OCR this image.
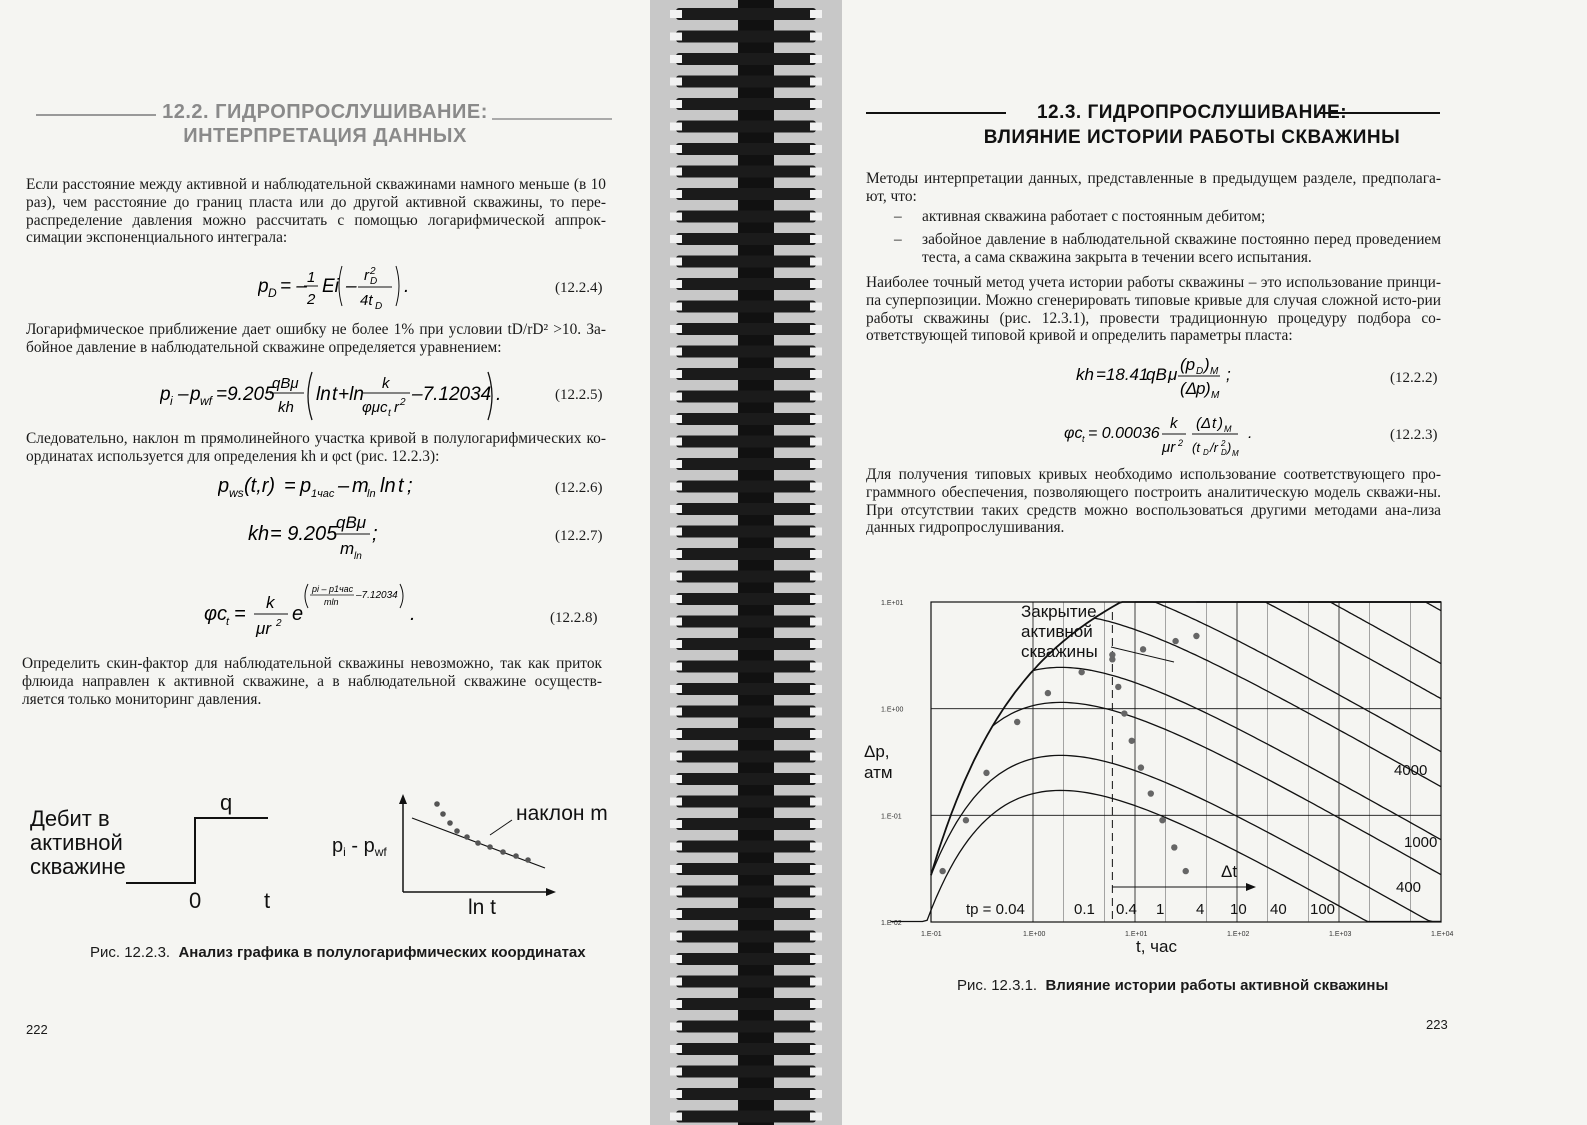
12.2. ГИДРОПРОСЛУШИВАНИЕ:
ИНТЕРПРЕТАЦИЯ ДАННЫХ
Если расстояние между активной и наблюдательной скважинами намного меньше (в 10 раз), чем расстояние до границ пласта или до другой активной скважины, то пере-распределение давления можно рассчитать с помощью логарифмической аппрок-симации экспоненциального интеграла:
p D = – 1
2
Ei –
r 2
D
4t D
.	(12.2.4)
Логарифмическое приближение дает ошибку не более 1% при условии tD/rD² >10. За-бойное давление в наблюдательной скважине определяется уравнением:
p i – p wf =9.205
qBμ
kh
ln t +ln
k
φμc t r 2 –7.12034 .	(12.2.5)
Следовательно, наклон m прямолинейного участка кривой в полулогарифмических ко-ординатах используется для определения kh и φct (рис. 12.2.3):
p ws (t,r) = p 1час – m
ln ln t ;	(12.2.6)
kh = 9.205
qBμ
m ln
;	(12.2.7)
φc
t =
k
μr 2 e
pi – p1час
mln
–7.12034
.	(12.2.8)
Определить скин-фактор для наблюдательной скважины невозможно, так как приток флюида направлен к активной скважине, а в наблюдательной скважине осуществ-ляется только мониторинг давления.
Дебит в
активной
скважине
q
0	t
$p_i - p_{wf}$
наклон m
ln t
Рис. 12.2.3. Анализ графика в полулогарифмических координатах
222
12.3. ГИДРОПРОСЛУШИВАНИЕ:
ВЛИЯНИЕ ИСТОРИИ РАБОТЫ СКВАЖИНЫ
Методы интерпретации данных, представленные в предыдущем разделе, предполага-ют, что:
– активная скважина работает с постоянным дебитом;
– забойное давление в наблюдательной скважине постоянно перед проведением теста, а сама скважина закрыта в течении всего испытания.
Наиболее точный метод учета истории работы скважины – это использование принци-па суперпозиции. Можно сгенерировать типовые кривые для случая сложной исто-рии работы скважины (рис. 12.3.1), провести традиционную процедуру подбора со-ответствующей типовой кривой и определить параметры пласта:
kh =18.41
qB μ
(p D ) M
(Δ
p ) M
;	(12.2.2)
φc t = 0.00036
k
μr 2
(Δ t ) M
(t D /r 2
D ) M
.	(12.2.3)
Для получения типовых кривых необходимо использование соответствующего про-граммного обеспечения, позволяющего построить аналитическую модель скважи-ны. При отсутствии таких средств можно воспользоваться другими методами ана-лиза данных гидропрослушивания.
1.E-01	1.E+00	1.E+01	1.E+02	1.E+03	1.E+04
1.E+01
1.E+00
1.E-01
1.E-02
tp = 0.04	0.1 0.4 1 4 10 40 100
4000
1000
400
Δp,
атм
t, час
Закрытие
активной
скважины
Δt
Рис. 12.3.1. Влияние истории работы активной скважины
223
